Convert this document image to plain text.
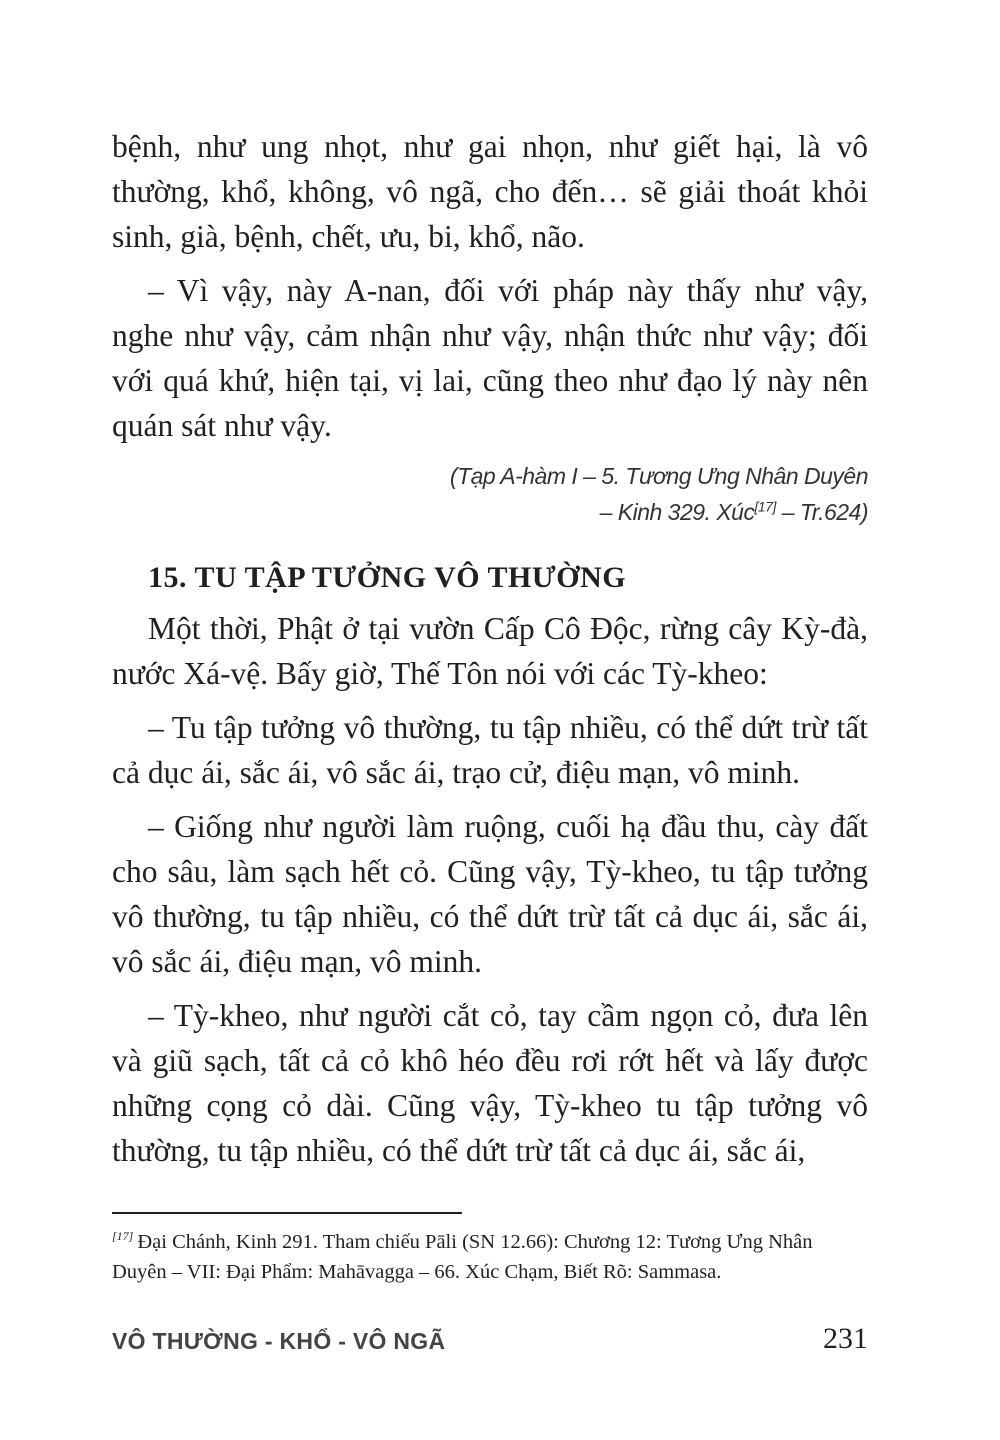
bệnh, như ung nhọt, như gai nhọn, như giết hại, là vô thường, khổ, không, vô ngã, cho đến… sẽ giải thoát khỏi sinh, già, bệnh, chết, ưu, bi, khổ, não.

– Vì vậy, này A-nan, đối với pháp này thấy như vậy, nghe như vậy, cảm nhận như vậy, nhận thức như vậy; đối với quá khứ, hiện tại, vị lai, cũng theo như đạo lý này nên quán sát như vậy.

(Tạp A-hàm I – 5. Tương Ưng Nhân Duyên
– Kinh 329. Xúc[17] – Tr.624)
15. TU TẬP TƯỞNG VÔ THƯỜNG

Một thời, Phật ở tại vườn Cấp Cô Độc, rừng cây Kỳ-đà, nước Xá-vệ. Bấy giờ, Thế Tôn nói với các Tỳ-kheo:

– Tu tập tưởng vô thường, tu tập nhiều, có thể dứt trừ tất cả dục ái, sắc ái, vô sắc ái, trạo cử, điệu mạn, vô minh.

– Giống như người làm ruộng, cuối hạ đầu thu, cày đất cho sâu, làm sạch hết cỏ. Cũng vậy, Tỳ-kheo, tu tập tưởng vô thường, tu tập nhiều, có thể dứt trừ tất cả dục ái, sắc ái, vô sắc ái, điệu mạn, vô minh.

– Tỳ-kheo, như người cắt cỏ, tay cầm ngọn cỏ, đưa lên và giũ sạch, tất cả cỏ khô héo đều rơi rớt hết và lấy được những cọng cỏ dài. Cũng vậy, Tỳ-kheo tu tập tưởng vô thường, tu tập nhiều, có thể dứt trừ tất cả dục ái, sắc ái,

[17] Đại Chánh, Kinh 291. Tham chiếu Pāli (SN 12.66): Chương 12: Tương Ưng Nhân Duyên – VII: Đại Phẩm: Mahāvagga – 66. Xúc Chạm, Biết Rõ: Sammasa.
VÔ THƯỜNG - KHỔ - VÔ NGÃ	231
